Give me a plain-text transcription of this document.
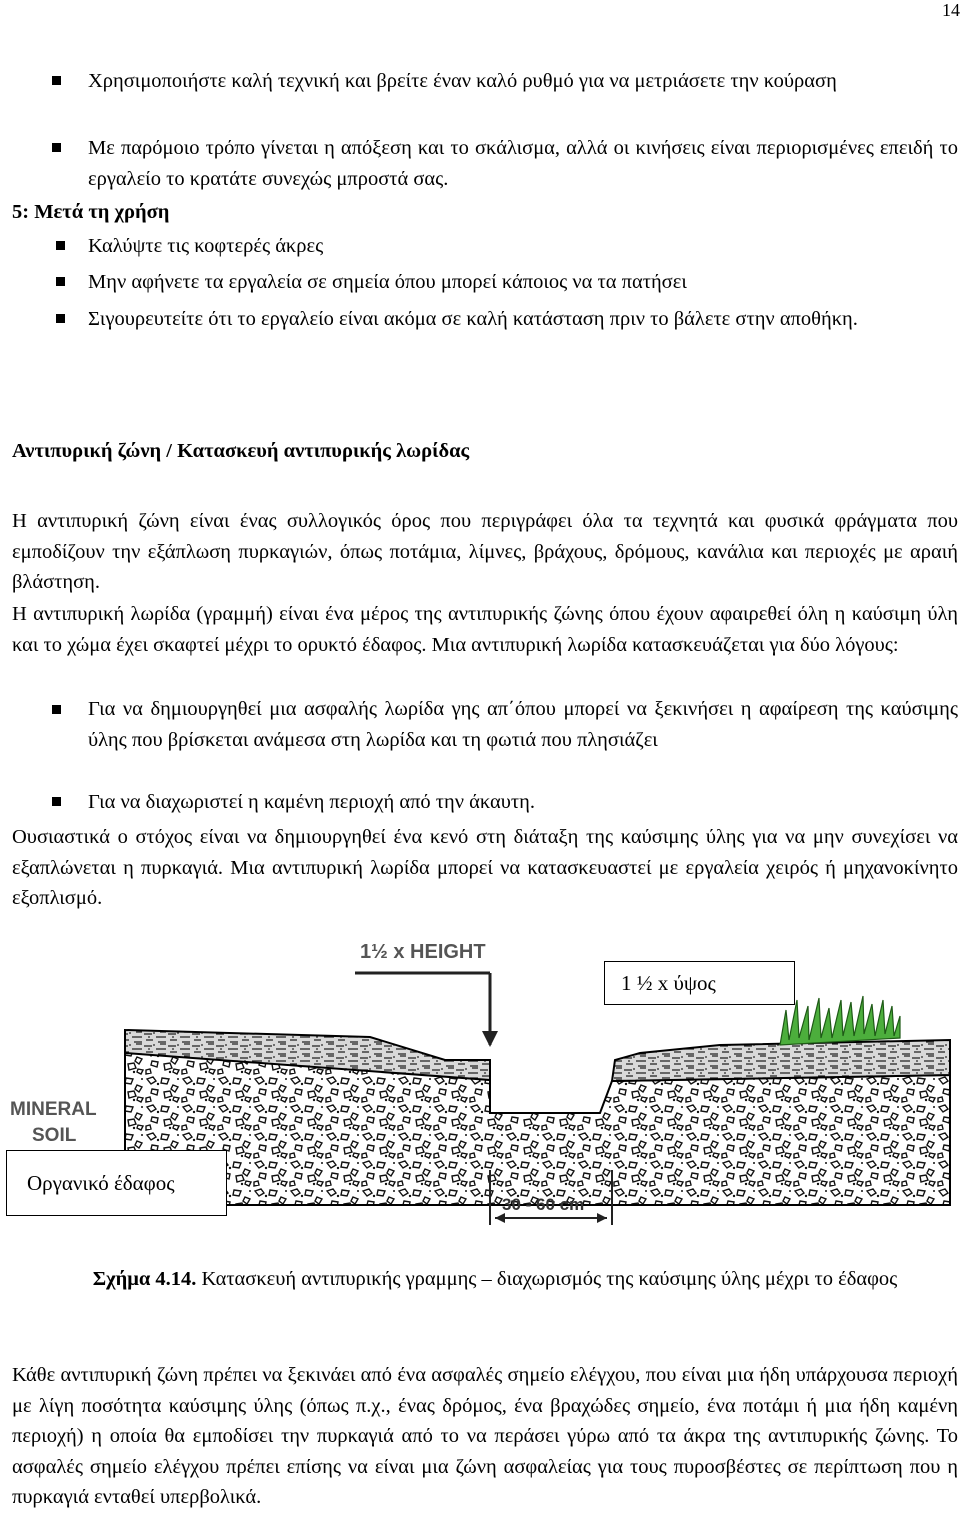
14
Χρησιμοποιήστε καλή τεχνική και βρείτε έναν καλό ρυθμό για να μετριάσετε την κούραση
Με παρόμοιο τρόπο γίνεται η απόξεση και το σκάλισμα, αλλά οι κινήσεις είναι περιορισμένες επειδή το εργαλείο το κρατάτε συνεχώς μπροστά σας.
5: Μετά τη χρήση
Καλύψτε τις κοφτερές άκρες
Μην αφήνετε τα εργαλεία σε σημεία όπου μπορεί κάποιος να τα πατήσει
Σιγουρευτείτε ότι το εργαλείο είναι ακόμα σε καλή κατάσταση πριν το βάλετε στην αποθήκη.
Αντιπυρική ζώνη / Κατασκευή αντιπυρικής λωρίδας
Η αντιπυρική ζώνη είναι ένας συλλογικός όρος που περιγράφει όλα τα τεχνητά και φυσικά φράγματα που εμποδίζουν την εξάπλωση πυρκαγιών, όπως ποτάμια, λίμνες, βράχους, δρόμους, κανάλια και περιοχές με αραιή βλάστηση.
Η αντιπυρική λωρίδα (γραμμή) είναι ένα μέρος της αντιπυρικής ζώνης όπου έχουν αφαιρεθεί όλη η καύσιμη ύλη και το χώμα έχει σκαφτεί μέχρι το ορυκτό έδαφος. Μια αντιπυρική λωρίδα κατασκευάζεται για δύο λόγους:
Για να δημιουργηθεί μια ασφαλής λωρίδα γης απ΄όπου μπορεί να ξεκινήσει η αφαίρεση της καύσιμης ύλης που βρίσκεται ανάμεσα στη λωρίδα και τη φωτιά που πλησιάζει
Για να διαχωριστεί η καμένη περιοχή από την άκαυτη.
Ουσιαστικά ο στόχος είναι να δημιουργηθεί ένα κενό στη διάταξη της καύσιμης ύλης για να μην συνεχίσει να εξαπλώνεται η πυρκαγιά. Μια αντιπυρική λωρίδα μπορεί να κατασκευαστεί με εργαλεία χειρός ή μηχανοκίνητο εξοπλισμό.
1½ x HEIGHT
1 ½ x ύψος
MINERAL
SOIL
Οργανικό έδαφος
30 - 60 cm
Σχήμα 4.14. Κατασκευή αντιπυρικής γραμμης – διαχωρισμός της καύσιμης ύλης μέχρι το έδαφος
Κάθε αντιπυρική ζώνη πρέπει να ξεκινάει από ένα ασφαλές σημείο ελέγχου, που είναι μια ήδη υπάρχουσα περιοχή με λίγη ποσότητα καύσιμης ύλης (όπως π.χ., ένας δρόμος, ένα βραχώδες σημείο, ένα ποτάμι ή μια ήδη καμένη περιοχή) η οποία θα εμποδίσει την πυρκαγιά από το να περάσει γύρω από τα άκρα της αντιπυρικής ζώνης. Το ασφαλές σημείο ελέγχου πρέπει επίσης να είναι μια ζώνη ασφαλείας για τους πυροσβέστες σε περίπτωση που η πυρκαγιά ενταθεί υπερβολικά.
